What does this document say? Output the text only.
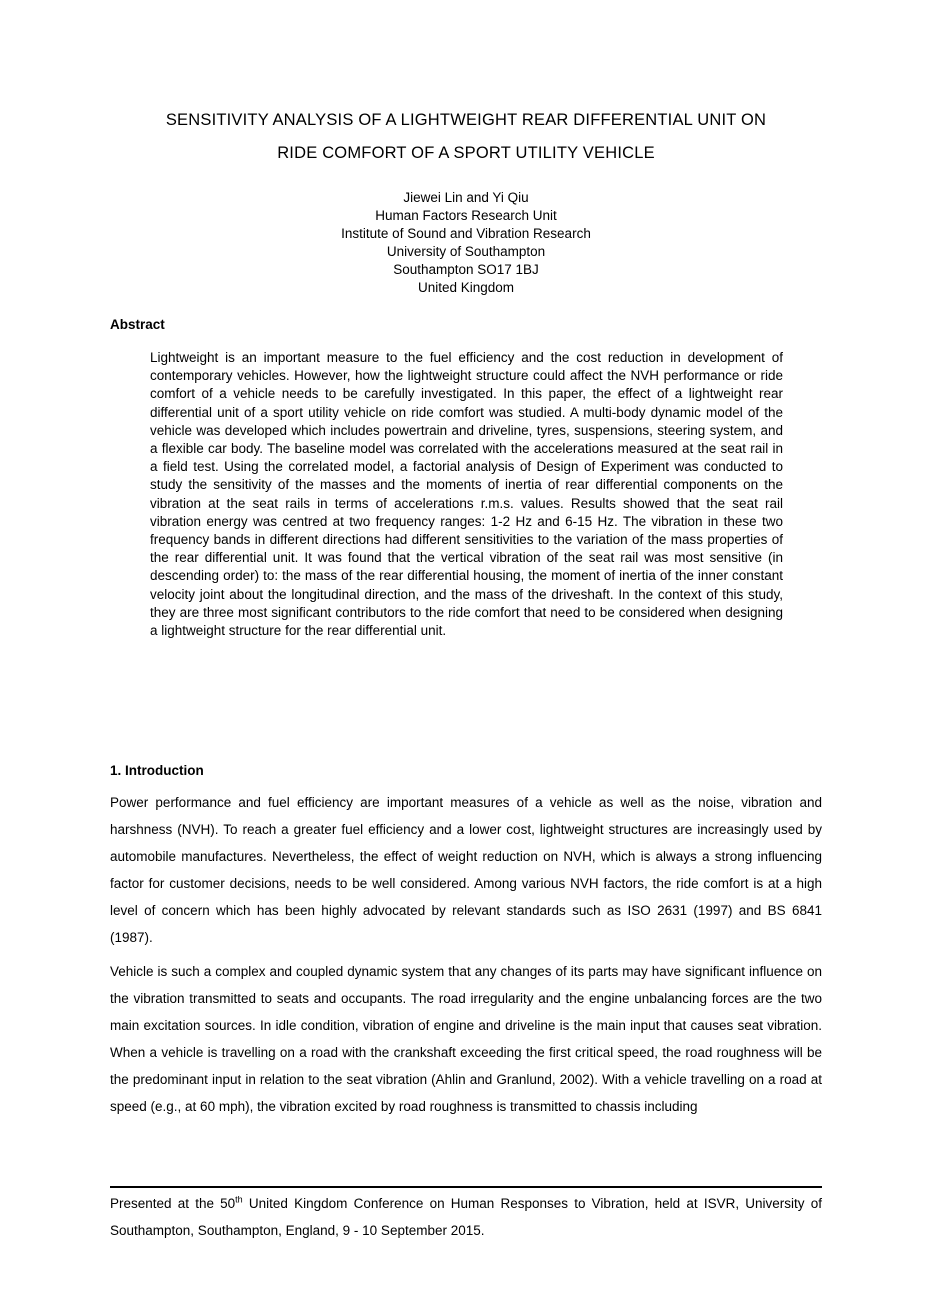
SENSITIVITY ANALYSIS OF A LIGHTWEIGHT REAR DIFFERENTIAL UNIT ON
RIDE COMFORT OF A SPORT UTILITY VEHICLE
Jiewei Lin and Yi Qiu
Human Factors Research Unit
Institute of Sound and Vibration Research
University of Southampton
Southampton SO17 1BJ
United Kingdom
Abstract

Lightweight is an important measure to the fuel efficiency and the cost reduction in development of contemporary vehicles. However, how the lightweight structure could affect the NVH performance or ride comfort of a vehicle needs to be carefully investigated. In this paper, the effect of a lightweight rear differential unit of a sport utility vehicle on ride comfort was studied. A multi-body dynamic model of the vehicle was developed which includes powertrain and driveline, tyres, suspensions, steering system, and a flexible car body. The baseline model was correlated with the accelerations measured at the seat rail in a field test. Using the correlated model, a factorial analysis of Design of Experiment was conducted to study the sensitivity of the masses and the moments of inertia of rear differential components on the vibration at the seat rails in terms of accelerations r.m.s. values. Results showed that the seat rail vibration energy was centred at two frequency ranges: 1-2 Hz and 6-15 Hz. The vibration in these two frequency bands in different directions had different sensitivities to the variation of the mass properties of the rear differential unit. It was found that the vertical vibration of the seat rail was most sensitive (in descending order) to: the mass of the rear differential housing, the moment of inertia of the inner constant velocity joint about the longitudinal direction, and the mass of the driveshaft. In the context of this study, they are three most significant contributors to the ride comfort that need to be considered when designing a lightweight structure for the rear differential unit.

1. Introduction

Power performance and fuel efficiency are important measures of a vehicle as well as the noise, vibration and harshness (NVH). To reach a greater fuel efficiency and a lower cost, lightweight structures are increasingly used by automobile manufactures. Nevertheless, the effect of weight reduction on NVH, which is always a strong influencing factor for customer decisions, needs to be well considered. Among various NVH factors, the ride comfort is at a high level of concern which has been highly advocated by relevant standards such as ISO 2631 (1997) and BS 6841 (1987).

Vehicle is such a complex and coupled dynamic system that any changes of its parts may have significant influence on the vibration transmitted to seats and occupants. The road irregularity and the engine unbalancing forces are the two main excitation sources. In idle condition, vibration of engine and driveline is the main input that causes seat vibration. When a vehicle is travelling on a road with the crankshaft exceeding the first critical speed, the road roughness will be the predominant input in relation to the seat vibration (Ahlin and Granlund, 2002). With a vehicle travelling on a road at speed (e.g., at 60 mph), the vibration excited by road roughness is transmitted to chassis including

Presented at the 50th United Kingdom Conference on Human Responses to Vibration, held at ISVR, University of Southampton, Southampton, England, 9 - 10 September 2015.
